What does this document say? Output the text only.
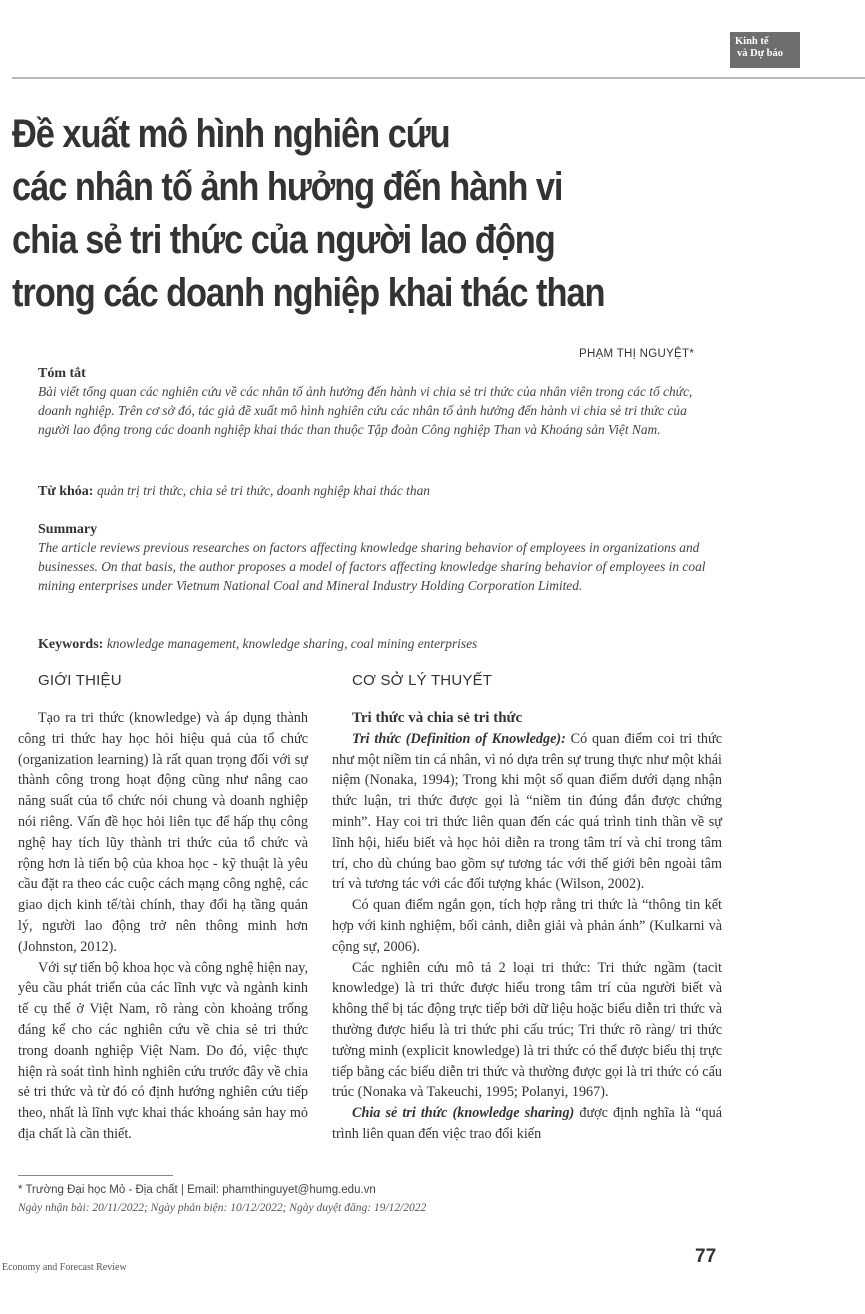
Kinh tế
và Dự báo
Đề xuất mô hình nghiên cứu
các nhân tố ảnh hưởng đến hành vi
chia sẻ tri thức của người lao động
trong các doanh nghiệp khai thác than
PHẠM THỊ NGUYỆT*
Tóm tắt
Bài viết tổng quan các nghiên cứu về các nhân tố ảnh hưởng đến hành vi chia sẻ tri thức của nhân viên trong các tổ chức, doanh nghiệp. Trên cơ sở đó, tác giả đề xuất mô hình nghiên cứu các nhân tố ảnh hưởng đến hành vi chia sẻ tri thức của người lao động trong các doanh nghiệp khai thác than thuộc Tập đoàn Công nghiệp Than và Khoáng sản Việt Nam.
Từ khóa: quản trị tri thức, chia sẻ tri thức, doanh nghiệp khai thác than
Summary
The article reviews previous researches on factors affecting knowledge sharing behavior of employees in organizations and businesses. On that basis, the author proposes a model of factors affecting knowledge sharing behavior of employees in coal mining enterprises under Vietnum National Coal and Mineral Industry Holding Corporation Limited.
Keywords: knowledge management, knowledge sharing, coal mining enterprises
GIỚI THIỆU	CƠ SỞ LÝ THUYẾT

Tạo ra tri thức (knowledge) và áp dụng thành công tri thức hay học hỏi hiệu quả của tổ chức (organization learning) là rất quan trọng đối với sự thành công trong hoạt động cũng như nâng cao năng suất của tổ chức nói chung và doanh nghiệp nói riêng. Vấn đề học hỏi liên tục để hấp thụ công nghệ hay tích lũy thành tri thức của tổ chức và rộng hơn là tiến bộ của khoa học - kỹ thuật là yêu cầu đặt ra theo các cuộc cách mạng công nghệ, các giao dịch kinh tế/tài chính, thay đổi hạ tầng quản lý, người lao động trở nên thông minh hơn (Johnston, 2012).

Với sự tiến bộ khoa học và công nghệ hiện nay, yêu cầu phát triển của các lĩnh vực và ngành kinh tế cụ thể ở Việt Nam, rõ ràng còn khoảng trống đáng kể cho các nghiên cứu về chia sẻ tri thức trong doanh nghiệp Việt Nam. Do đó, việc thực hiện rà soát tình hình nghiên cứu trước đây về chia sẻ tri thức và từ đó có định hướng nghiên cứu tiếp theo, nhất là lĩnh vực khai thác khoáng sản hay mỏ địa chất là cần thiết.

Tri thức và chia sẻ tri thức

Tri thức (Definition of Knowledge): Có quan điểm coi tri thức như một niềm tin cá nhân, vì nó dựa trên sự trung thực như một khái niệm (Nonaka, 1994); Trong khi một số quan điểm dưới dạng nhận thức luận, tri thức được gọi là “niềm tin đúng đắn được chứng minh”. Hay coi tri thức liên quan đến các quá trình tinh thần về sự lĩnh hội, hiểu biết và học hỏi diễn ra trong tâm trí và chỉ trong tâm trí, cho dù chúng bao gồm sự tương tác với thế giới bên ngoài tâm trí và tương tác với các đối tượng khác (Wilson, 2002).

Có quan điểm ngắn gọn, tích hợp rằng tri thức là “thông tin kết hợp với kinh nghiệm, bối cảnh, diễn giải và phản ánh” (Kulkarni và cộng sự, 2006).

Các nghiên cứu mô tả 2 loại tri thức: Tri thức ngầm (tacit knowledge) là tri thức được hiểu trong tâm trí của người biết và không thể bị tác động trực tiếp bởi dữ liệu hoặc biểu diễn tri thức và thường được hiểu là tri thức phi cấu trúc; Tri thức rõ ràng/ tri thức tường minh (explicit knowledge) là tri thức có thể được biểu thị trực tiếp bằng các biểu diễn tri thức và thường được gọi là tri thức có cấu trúc (Nonaka và Takeuchi, 1995; Polanyi, 1967).

Chia sẻ tri thức (knowledge sharing) được định nghĩa là “quá trình liên quan đến việc trao đổi kiến

* Trường Đại học Mỏ - Địa chất | Email: phamthinguyet@humg.edu.vn
Ngày nhận bài: 20/11/2022; Ngày phản biện: 10/12/2022; Ngày duyệt đăng: 19/12/2022
Economy and Forecast Review
77
